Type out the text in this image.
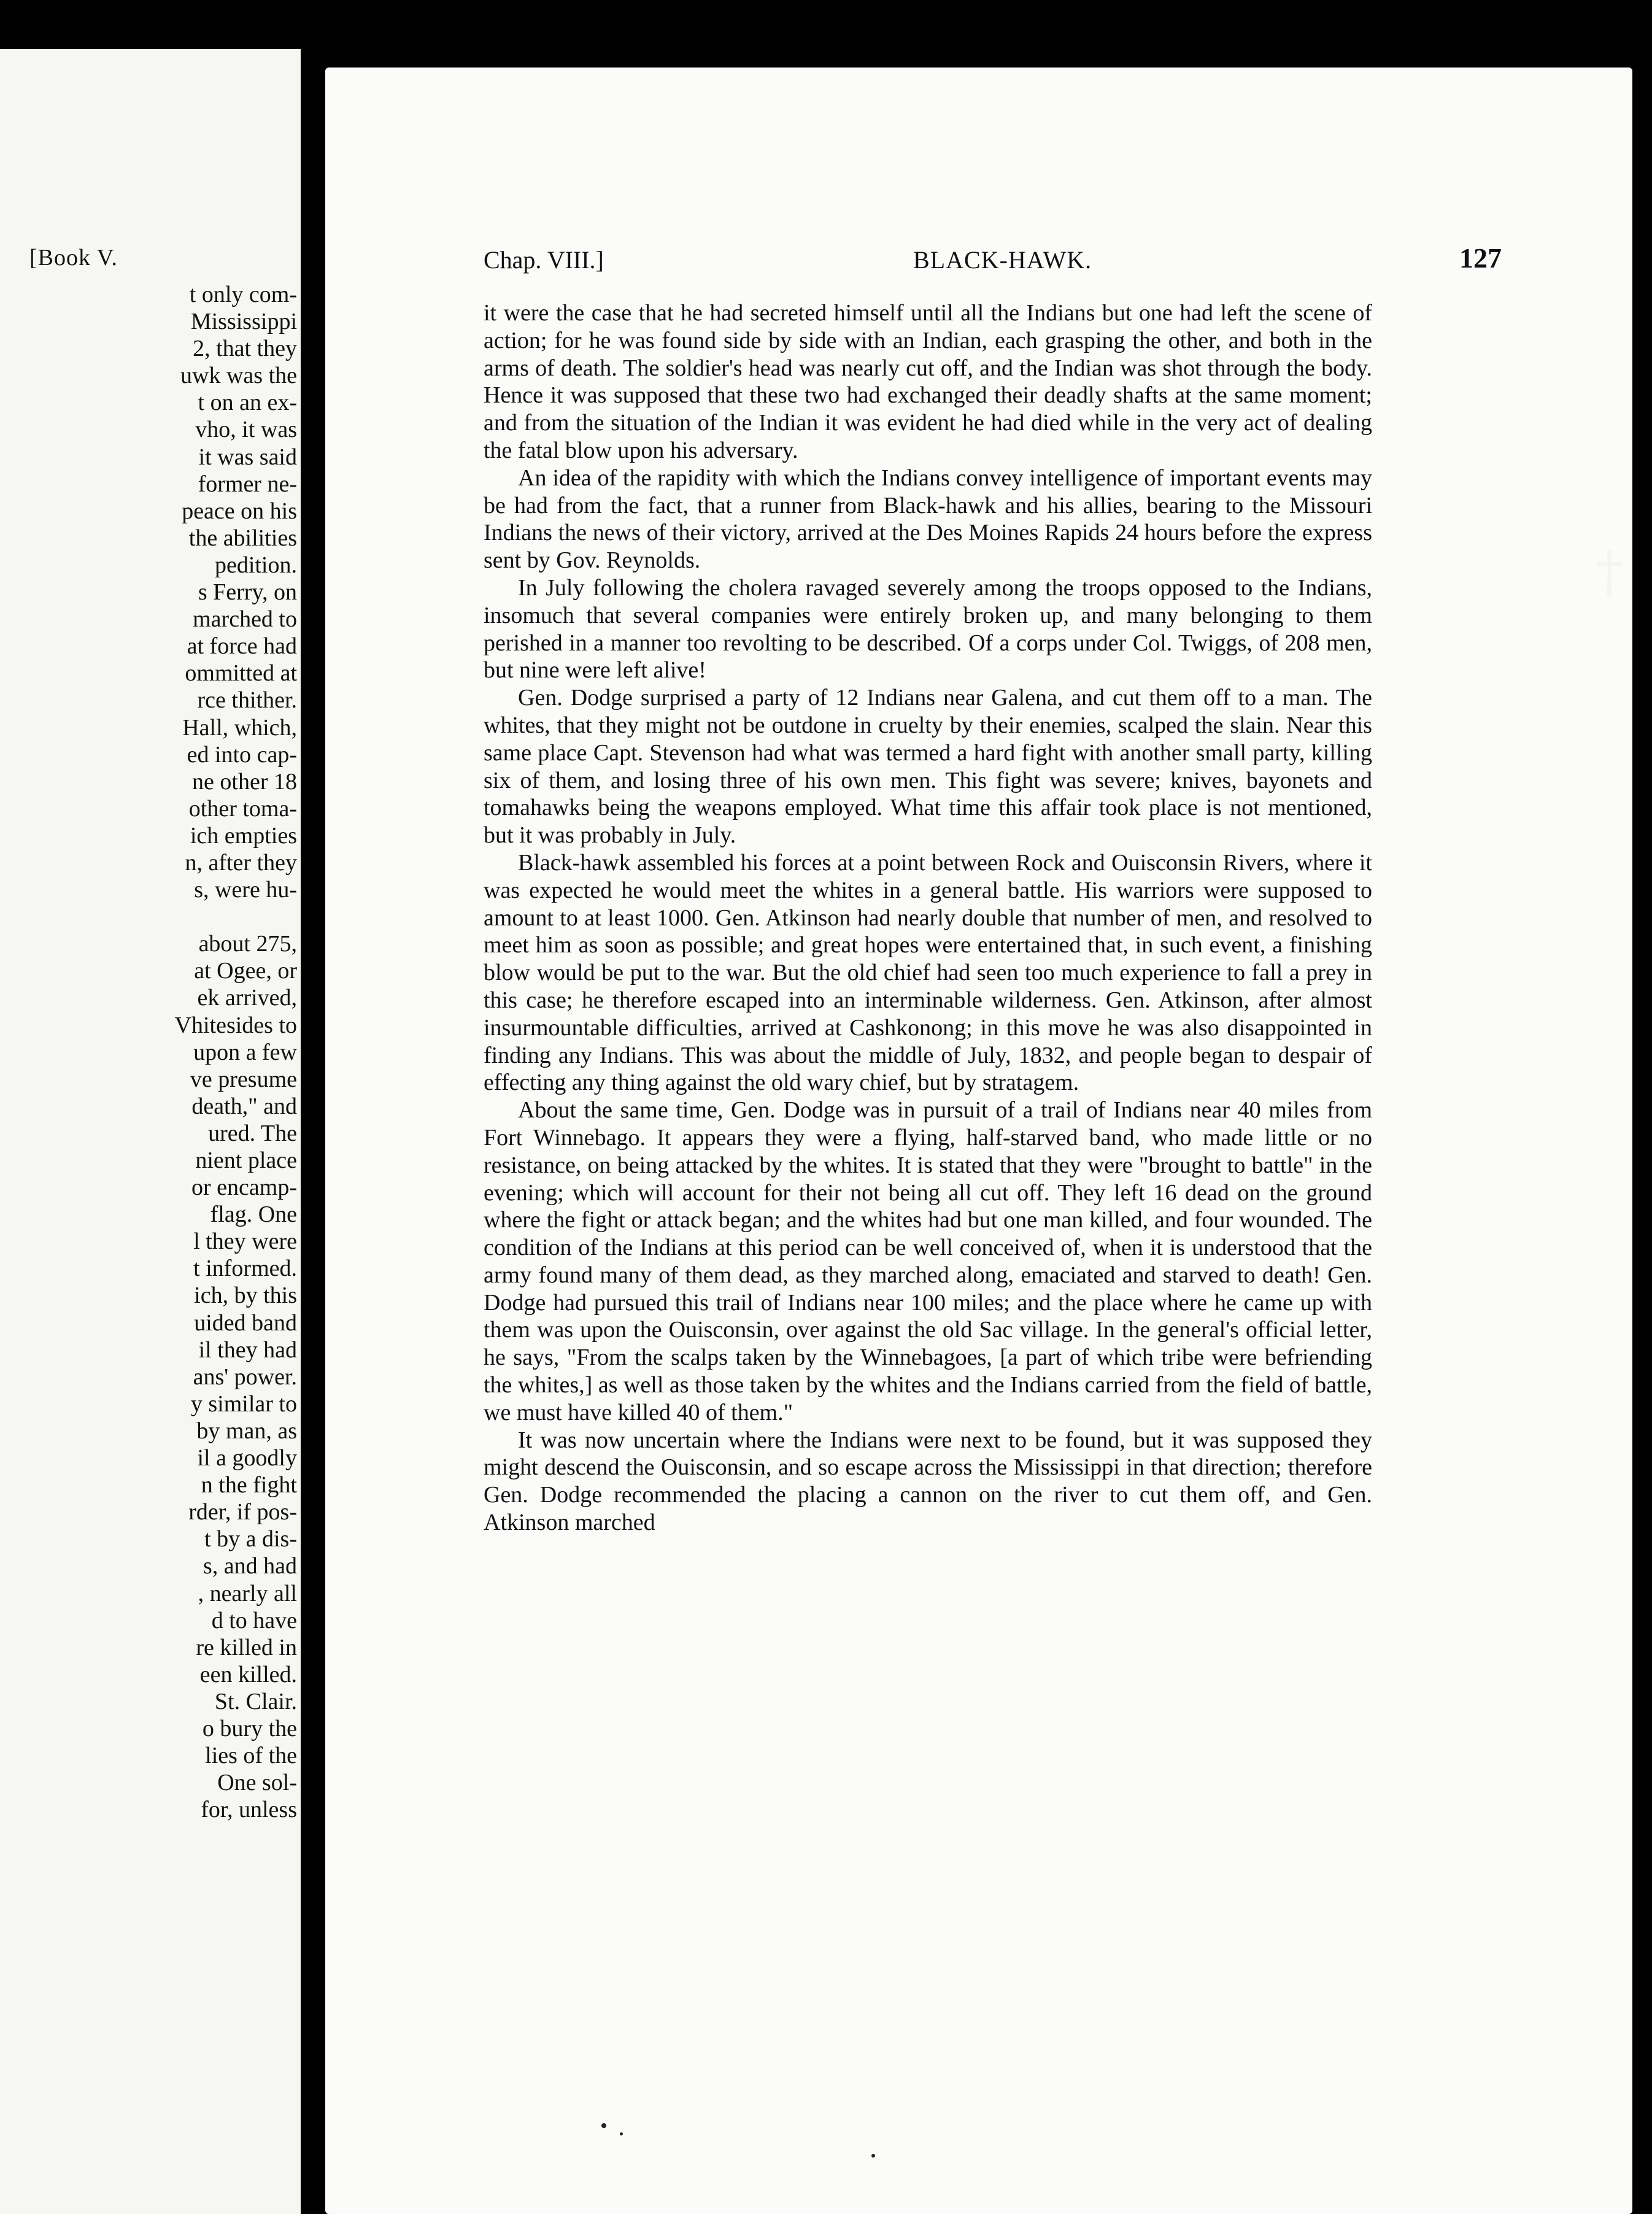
[Book V.
t only com-
Mississippi
2, that they
uwk was the
t on an ex-
vho, it was
it was said
former ne-
peace on his
the abilities
pedition.
s Ferry, on
marched to
at force had
ommitted at
rce thither.
Hall, which,
ed into cap-
ne other 18
other toma-
ich empties
n, after they
s, were hu-

about 275,
at Ogee, or
ek arrived,
Vhitesides to
upon a few
ve presume
death," and
ured. The
nient place
or encamp-
flag. One
l they were
t informed.
ich, by this
uided band
il they had
ans' power.
y similar to
by man, as
il a goodly
n the fight
rder, if pos-
t by a dis-
s, and had
, nearly all
d to have
re killed in
een killed.
St. Clair.
o bury the
lies of the
One sol-
for, unless
Chap. VIII.]	BLACK-HAWK.	127

it were the case that he had secreted himself until all the Indians but one had left the scene of action; for he was found side by side with an Indian, each grasping the other, and both in the arms of death. The soldier's head was nearly cut off, and the Indian was shot through the body. Hence it was supposed that these two had exchanged their deadly shafts at the same moment; and from the situation of the Indian it was evident he had died while in the very act of dealing the fatal blow upon his adversary.

An idea of the rapidity with which the Indians convey intelligence of important events may be had from the fact, that a runner from Black-hawk and his allies, bearing to the Missouri Indians the news of their victory, arrived at the Des Moines Rapids 24 hours before the express sent by Gov. Reynolds.

In July following the cholera ravaged severely among the troops opposed to the Indians, insomuch that several companies were entirely broken up, and many belonging to them perished in a manner too revolting to be described. Of a corps under Col. Twiggs, of 208 men, but nine were left alive!

Gen. Dodge surprised a party of 12 Indians near Galena, and cut them off to a man. The whites, that they might not be outdone in cruelty by their enemies, scalped the slain. Near this same place Capt. Stevenson had what was termed a hard fight with another small party, killing six of them, and losing three of his own men. This fight was severe; knives, bayonets and tomahawks being the weapons employed. What time this affair took place is not mentioned, but it was probably in July.

Black-hawk assembled his forces at a point between Rock and Ouisconsin Rivers, where it was expected he would meet the whites in a general battle. His warriors were supposed to amount to at least 1000. Gen. Atkinson had nearly double that number of men, and resolved to meet him as soon as possible; and great hopes were entertained that, in such event, a finishing blow would be put to the war. But the old chief had seen too much experience to fall a prey in this case; he therefore escaped into an interminable wilderness. Gen. Atkinson, after almost insurmountable difficulties, arrived at Cashkonong; in this move he was also disappointed in finding any Indians. This was about the middle of July, 1832, and people began to despair of effecting any thing against the old wary chief, but by stratagem.

About the same time, Gen. Dodge was in pursuit of a trail of Indians near 40 miles from Fort Winnebago. It appears they were a flying, half-starved band, who made little or no resistance, on being attacked by the whites. It is stated that they were "brought to battle" in the evening; which will account for their not being all cut off. They left 16 dead on the ground where the fight or attack began; and the whites had but one man killed, and four wounded. The condition of the Indians at this period can be well conceived of, when it is understood that the army found many of them dead, as they marched along, emaciated and starved to death! Gen. Dodge had pursued this trail of Indians near 100 miles; and the place where he came up with them was upon the Ouisconsin, over against the old Sac village. In the general's official letter, he says, "From the scalps taken by the Winnebagoes, [a part of which tribe were befriending the whites,] as well as those taken by the whites and the Indians carried from the field of battle, we must have killed 40 of them."

It was now uncertain where the Indians were next to be found, but it was supposed they might descend the Ouisconsin, and so escape across the Mississippi in that direction; therefore Gen. Dodge recommended the placing a cannon on the river to cut them off, and Gen. Atkinson marched

†
